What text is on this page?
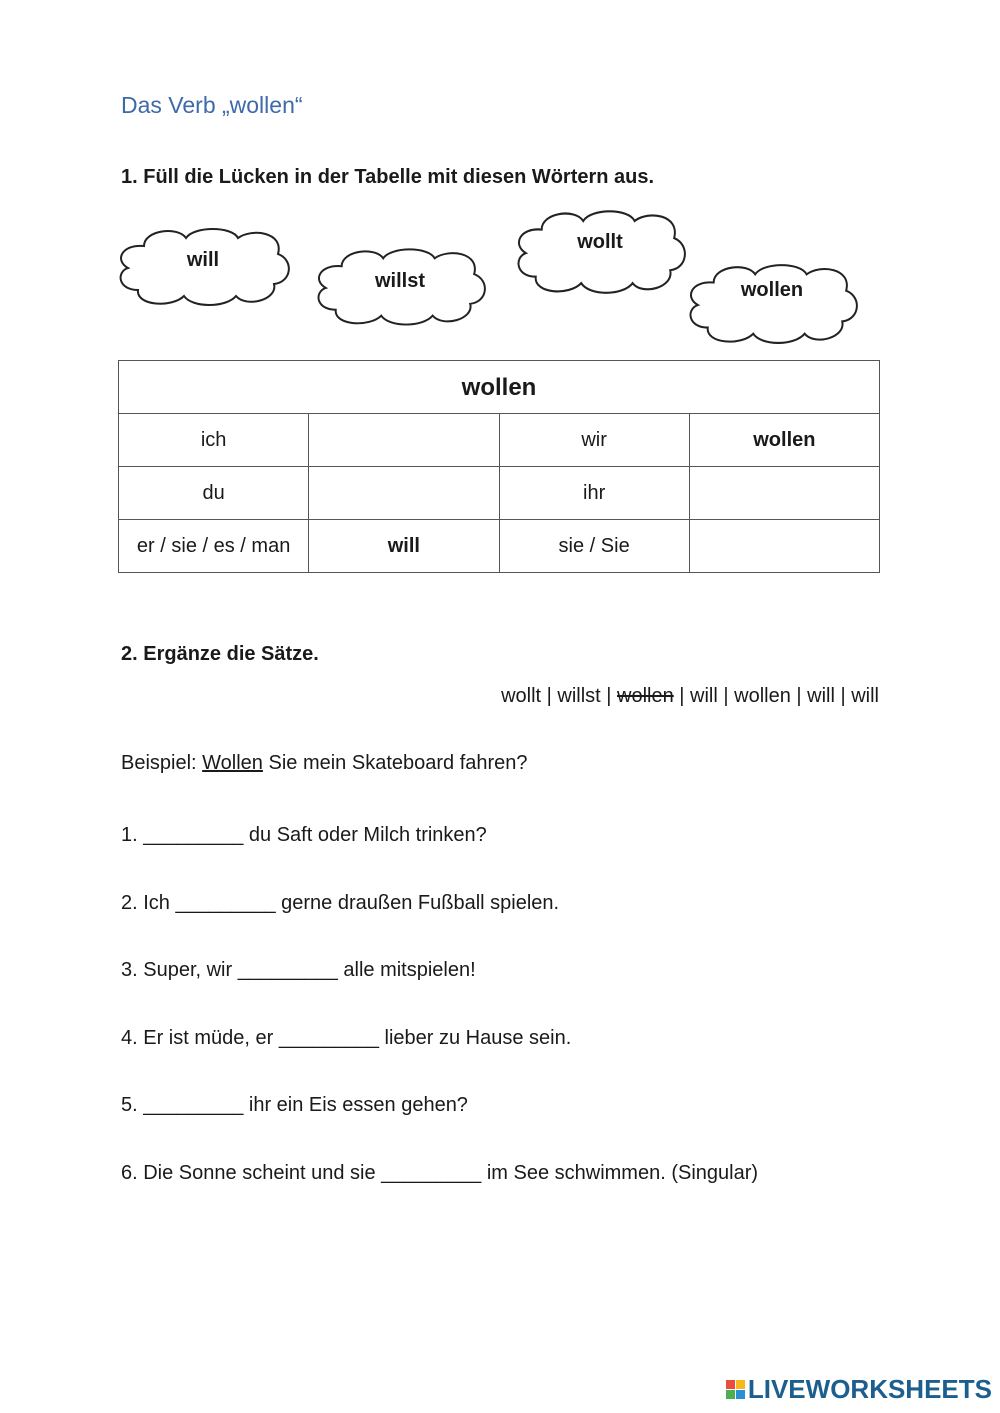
Das Verb „wollen“
1. Füll die Lücken in der Tabelle mit diesen Wörtern aus.
will
willst
wollt
wollen
wollen			
ich		wir	wollen
du		ihr	
er / sie / es / man	will	sie / Sie	
2. Ergänze die Sätze.
wollt | willst | wollen | will | wollen | will | will
Beispiel: Wollen Sie mein Skateboard fahren?
1. _________ du Saft oder Milch trinken?
2. Ich _________ gerne draußen Fußball spielen.
3. Super, wir _________ alle mitspielen!
4. Er ist müde, er _________ lieber zu Hause sein.
5. _________ ihr ein Eis essen gehen?
6. Die Sonne scheint und sie _________ im See schwimmen. (Singular)
LIVEWORKSHEETS
